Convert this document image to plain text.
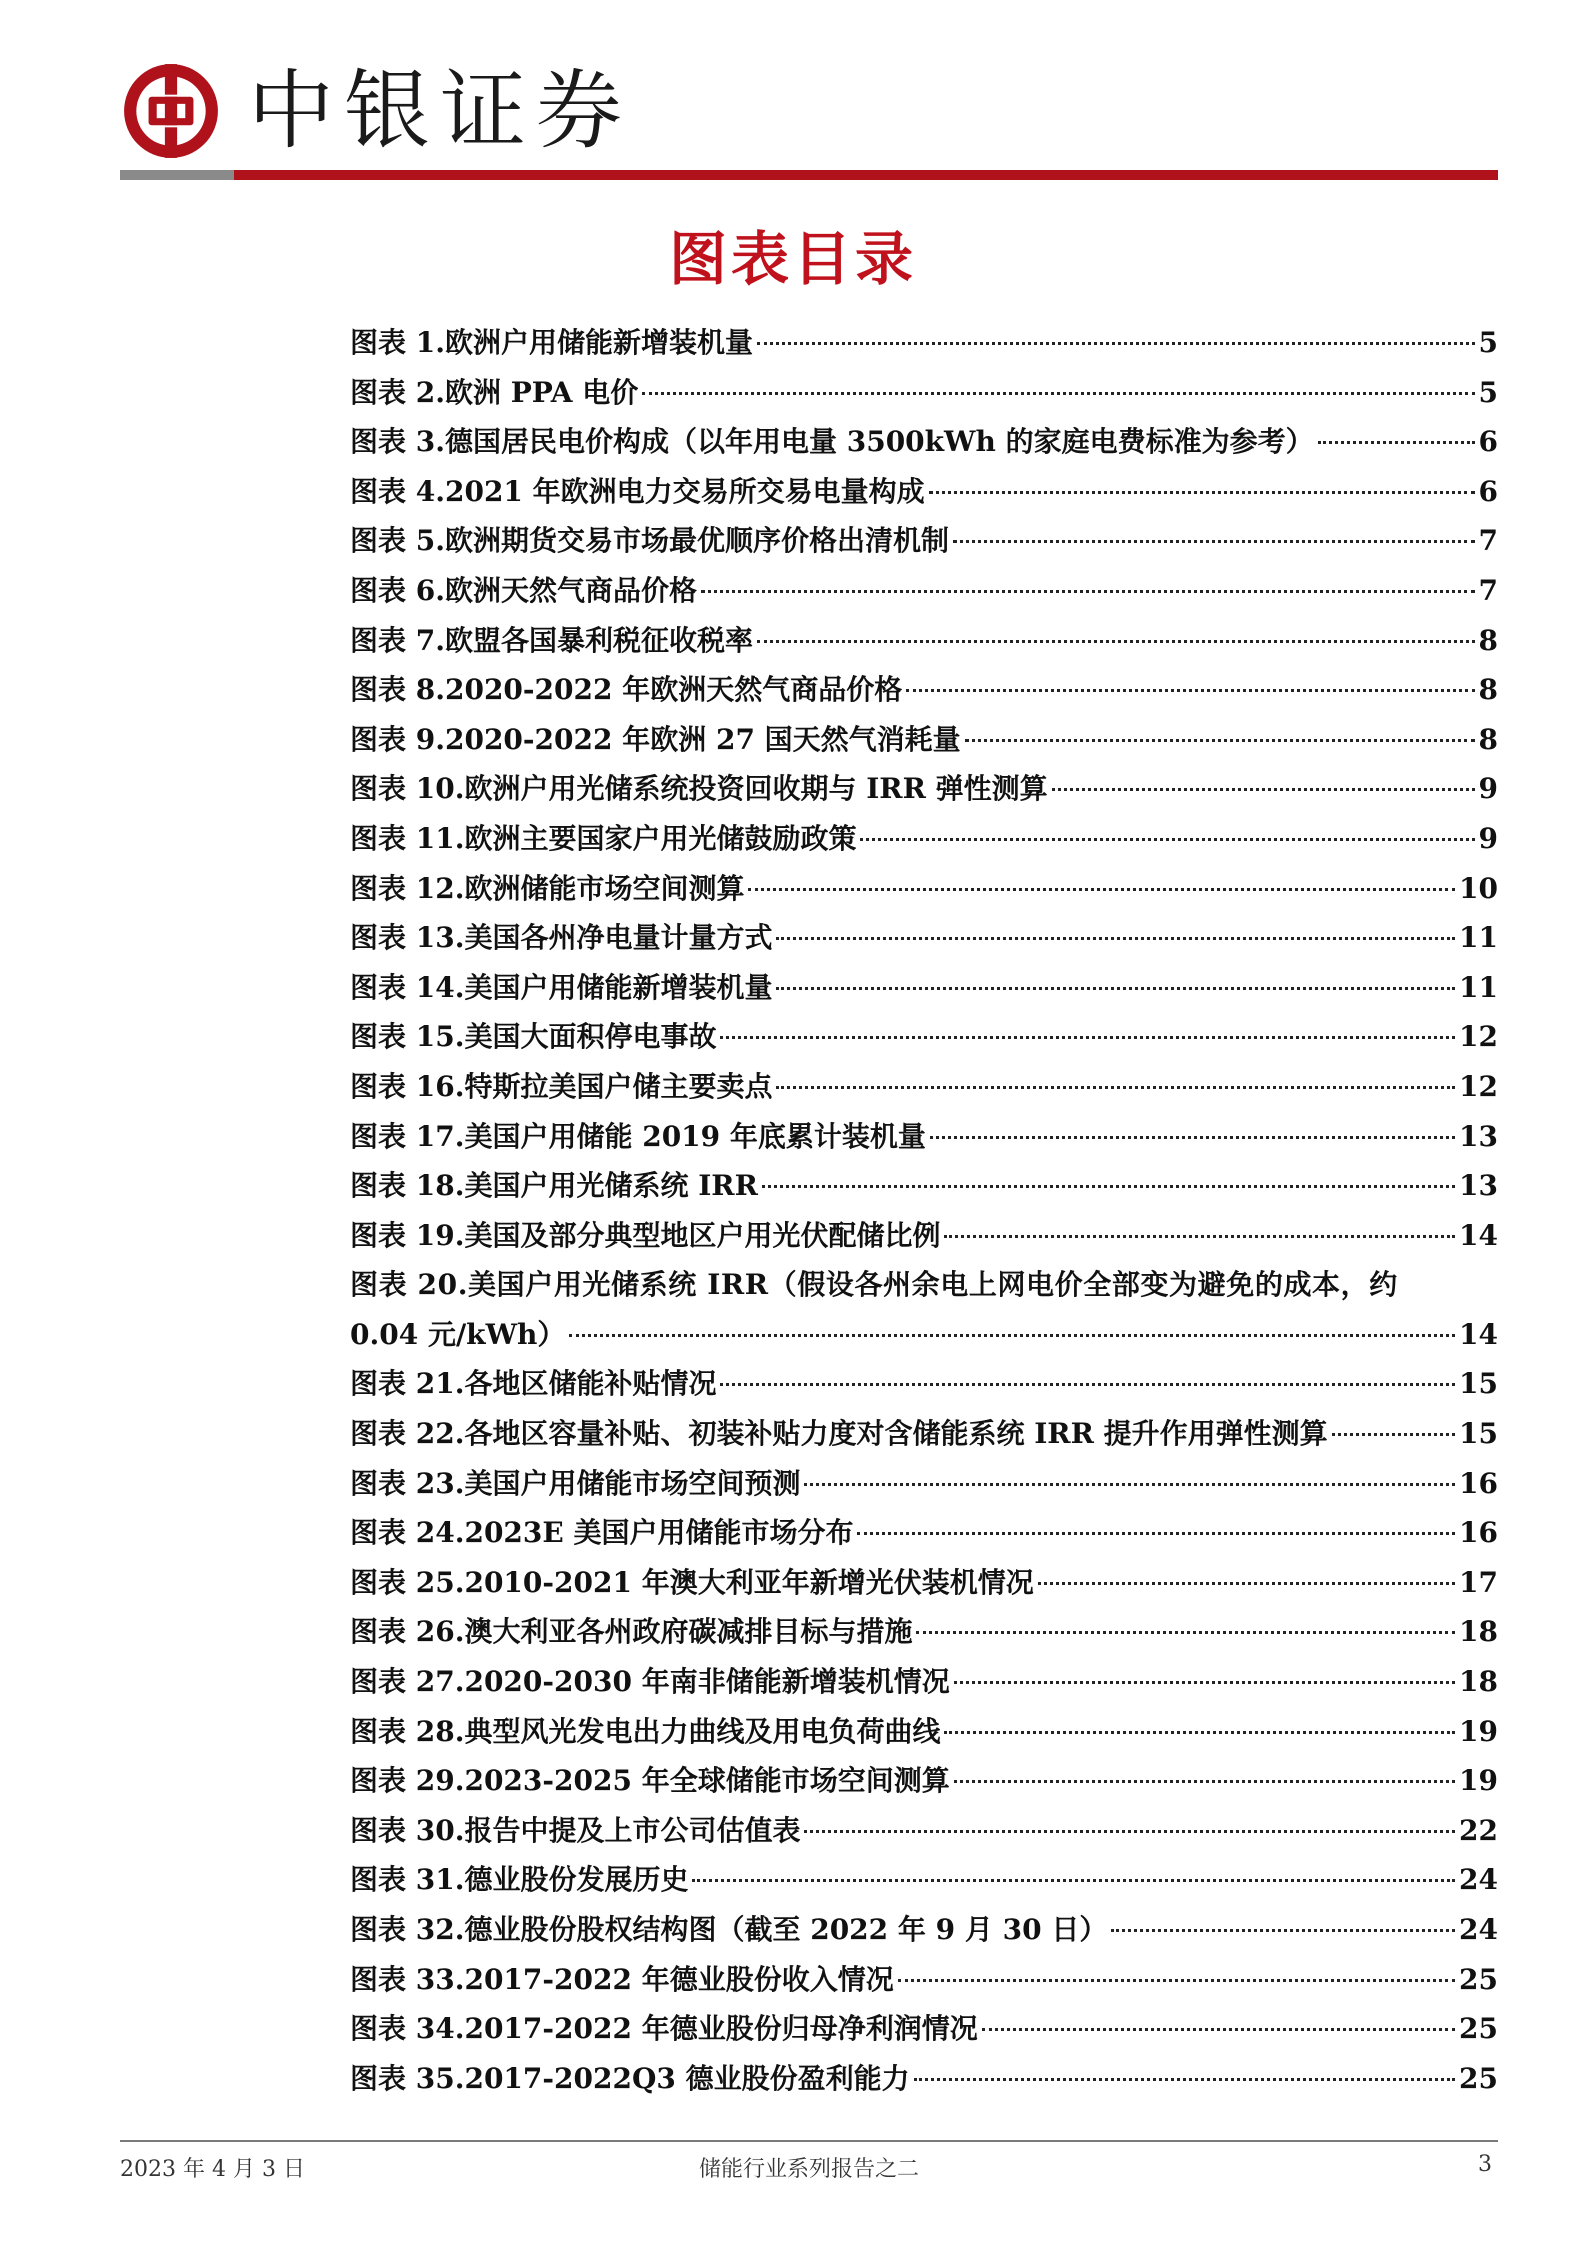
中银证券
图表目录
图表 1.欧洲户用储能新增装机量	5
图表 2.欧洲 PPA 电价	5
图表 3.德国居民电价构成（以年用电量 3500kWh 的家庭电费标准为参考）	6
图表 4.2021 年欧洲电力交易所交易电量构成	6
图表 5.欧洲期货交易市场最优顺序价格出清机制	7
图表 6.欧洲天然气商品价格	7
图表 7.欧盟各国暴利税征收税率	8
图表 8.2020-2022 年欧洲天然气商品价格	8
图表 9.2020-2022 年欧洲 27 国天然气消耗量	8
图表 10.欧洲户用光储系统投资回收期与 IRR 弹性测算	9
图表 11.欧洲主要国家户用光储鼓励政策	9
图表 12.欧洲储能市场空间测算	10
图表 13.美国各州净电量计量方式	11
图表 14.美国户用储能新增装机量	11
图表 15.美国大面积停电事故	12
图表 16.特斯拉美国户储主要卖点	12
图表 17.美国户用储能 2019 年底累计装机量	13
图表 18.美国户用光储系统 IRR	13
图表 19.美国及部分典型地区户用光伏配储比例	14
图表 20.美国户用光储系统 IRR（假设各州余电上网电价全部变为避免的成本，约
0.04 元/kWh）	14
图表 21.各地区储能补贴情况	15
图表 22.各地区容量补贴、初装补贴力度对含储能系统 IRR 提升作用弹性测算	15
图表 23.美国户用储能市场空间预测	16
图表 24.2023E 美国户用储能市场分布	16
图表 25.2010-2021 年澳大利亚年新增光伏装机情况	17
图表 26.澳大利亚各州政府碳减排目标与措施	18
图表 27.2020-2030 年南非储能新增装机情况	18
图表 28.典型风光发电出力曲线及用电负荷曲线	19
图表 29.2023-2025 年全球储能市场空间测算	19
图表 30.报告中提及上市公司估值表	22
图表 31.德业股份发展历史	24
图表 32.德业股份股权结构图（截至 2022 年 9 月 30 日）	24
图表 33.2017-2022 年德业股份收入情况	25
图表 34.2017-2022 年德业股份归母净利润情况	25
图表 35.2017-2022Q3 德业股份盈利能力	25
2023 年 4 月 3 日	储能行业系列报告之二	3
